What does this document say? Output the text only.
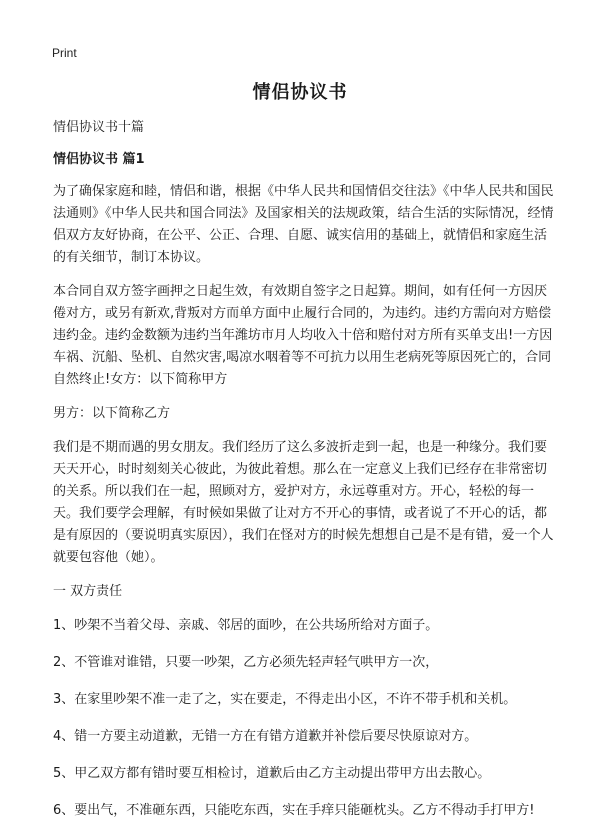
Print
情侣协议书

情侣协议书十篇

情侣协议书 篇1

为了确保家庭和睦，情侣和谐，根据《中华人民共和国情侣交往法》《中华人民共和国民法通则》《中华人民共和国合同法》及国家相关的法规政策，结合生活的实际情况，经情侣双方友好协商，在公平、公正、合理、自愿、诚实信用的基础上，就情侣和家庭生活的有关细节，制订本协议。

本合同自双方签字画押之日起生效，有效期自签字之日起算。期间，如有任何一方因厌倦对方，或另有新欢,背叛对方而单方面中止履行合同的，为违约。违约方需向对方赔偿违约金。违约金数额为违约当年潍坊市月人均收入十倍和赔付对方所有买单支出!一方因车祸、沉船、坠机、自然灾害,喝凉水咽着等不可抗力以用生老病死等原因死亡的，合同自然终止!女方：以下简称甲方

男方：以下简称乙方

我们是不期而遇的男女朋友。我们经历了这么多波折走到一起，也是一种缘分。我们要天天开心，时时刻刻关心彼此，为彼此着想。那么在一定意义上我们已经存在非常密切的关系。所以我们在一起，照顾对方，爱护对方，永远尊重对方。开心，轻松的每一天。我们要学会理解，有时候如果做了让对方不开心的事情，或者说了不开心的话，都是有原因的（要说明真实原因），我们在怪对方的时候先想想自己是不是有错，爱一个人就要包容他（她）。

一 双方责任

1、吵架不当着父母、亲戚、邻居的面吵，在公共场所给对方面子。

2、不管谁对谁错，只要一吵架，乙方必须先轻声轻气哄甲方一次，

3、在家里吵架不准一走了之，实在要走，不得走出小区，不许不带手机和关机。

4、错一方要主动道歉，无错一方在有错方道歉并补偿后要尽快原谅对方。

5、甲乙双方都有错时要互相检讨，道歉后由乙方主动提出带甲方出去散心。

6、要出气，不准砸东西，只能吃东西，实在手痒只能砸枕头。乙方不得动手打甲方!
